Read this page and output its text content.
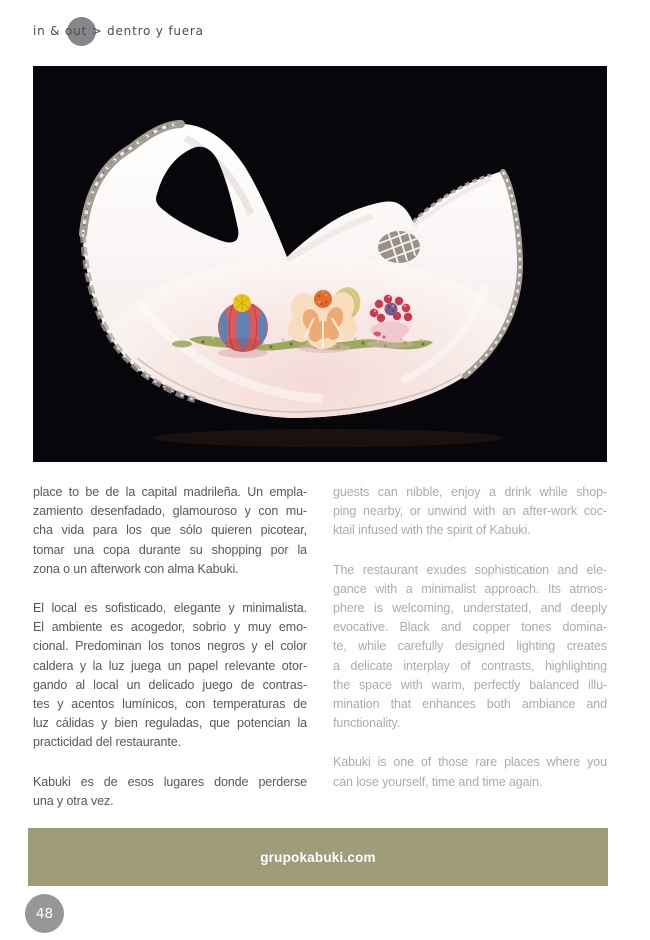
in & out > dentro y fuera
place to be de la capital madrileña. Un empla-
zamiento desenfadado, glamouroso y con mu-
cha vida para los que sólo quieren picotear,
tomar una copa durante su shopping por la
zona o un afterwork con alma Kabuki.
El local es sofisticado, elegante y minimalista.
El ambiente es acogedor, sobrio y muy emo-
cional. Predominan los tonos negros y el color
caldera y la luz juega un papel relevante otor-
gando al local un delicado juego de contras-
tes y acentos lumínicos, con temperaturas de
luz cálidas y bien reguladas, que potencian la
practicidad del restaurante.
Kabuki es de esos lugares donde perderse
una y otra vez.
guests can nibble, enjoy a drink while shop-
ping nearby, or unwind with an after-work coc-
ktail infused with the spirit of Kabuki.
The restaurant exudes sophistication and ele-
gance with a minimalist approach. Its atmos-
phere is welcoming, understated, and deeply
evocative. Black and copper tones domina-
te, while carefully designed lighting creates
a delicate interplay of contrasts, highlighting
the space with warm, perfectly balanced illu-
mination that enhances both ambiance and
functionality.
Kabuki is one of those rare places where you
can lose yourself, time and time again.
grupokabuki.com
48
